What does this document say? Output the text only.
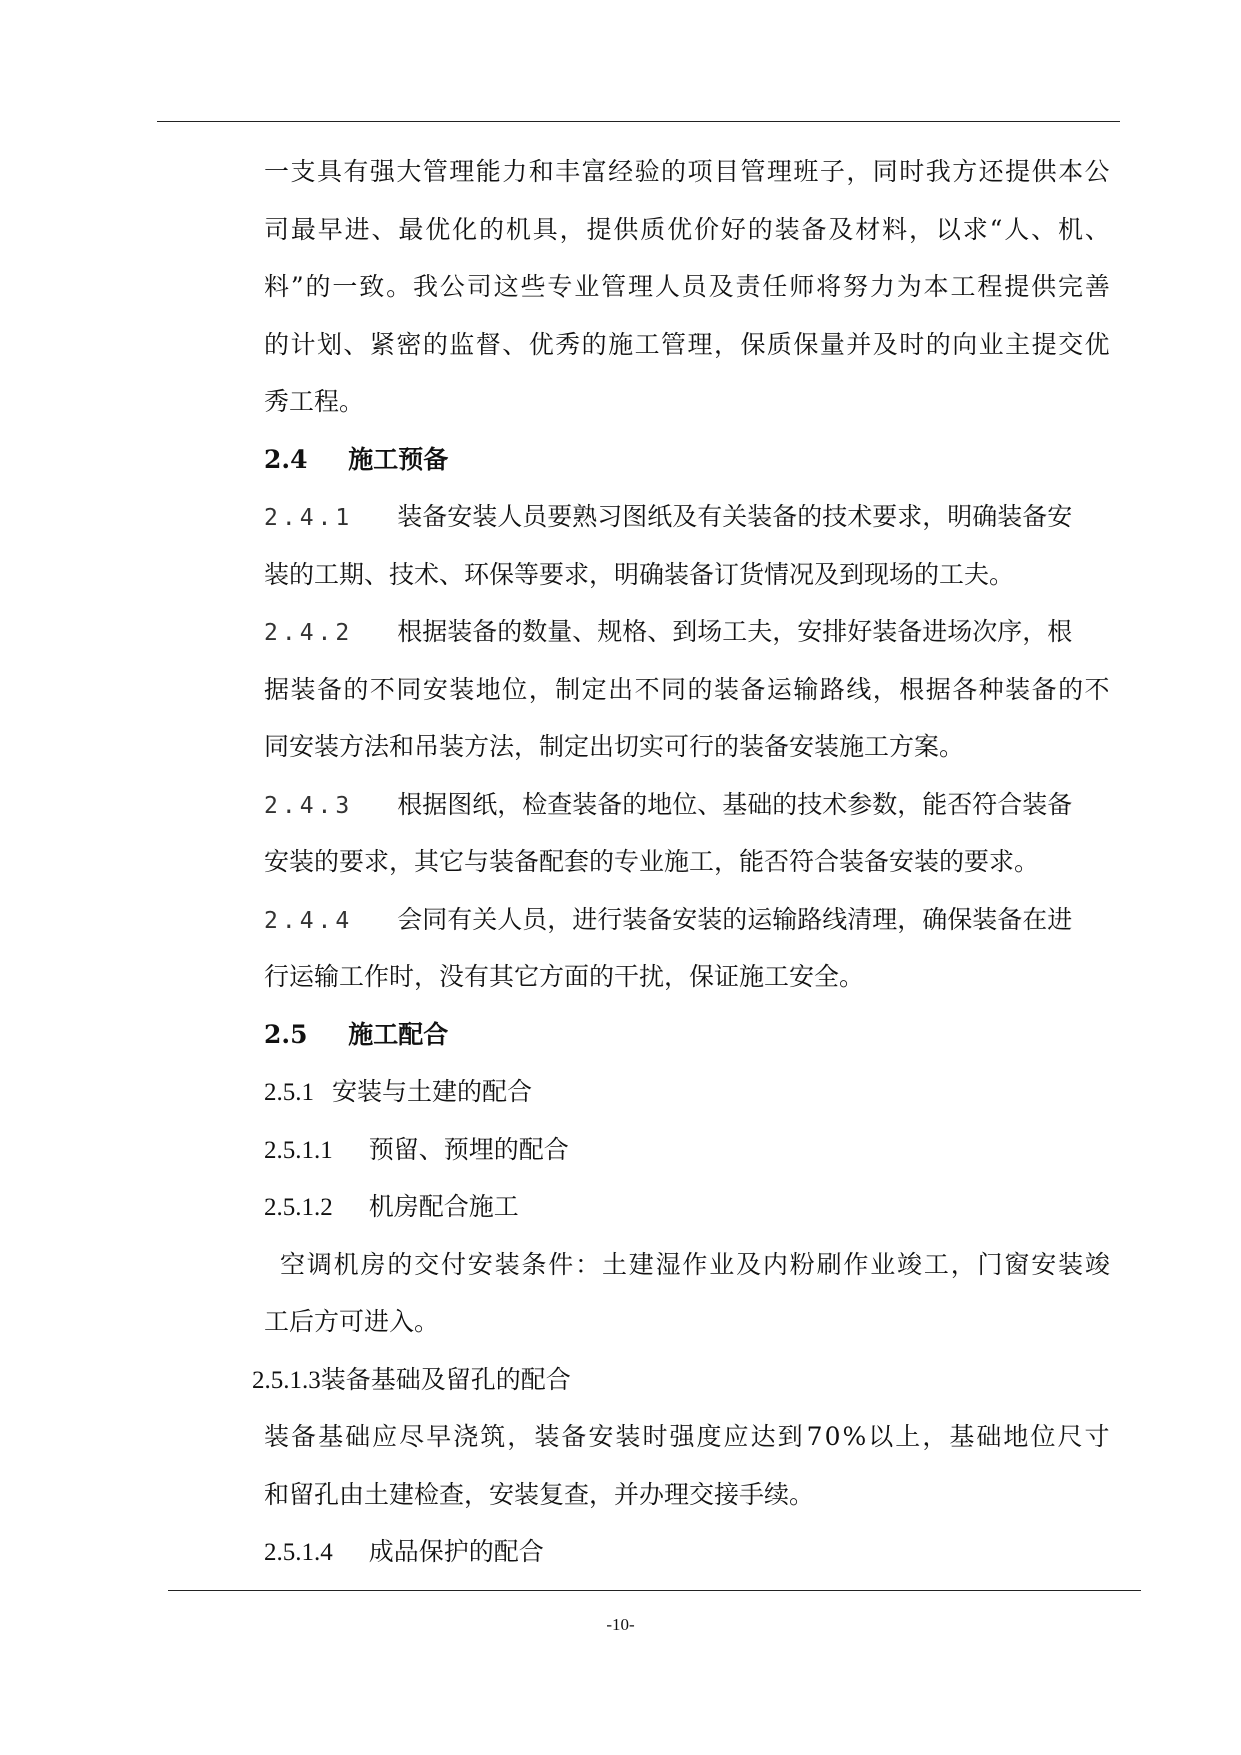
一 支 具 有 强 大 管 理 能 力 和 丰 富 经 验 的 项 目 管 理 班 子 ， 同 时 我 方 还 提 供 本 公
司 最 早 进 、 最 优 化 的 机 具 ， 提 供 质 优 价 好 的 装 备 及 材 料 ， 以 求 “ 人 、 机 、
料 ” 的 一 致 。 我 公 司 这 些 专 业 管 理 人 员 及 责 任 师 将 努 力 为 本 工 程 提 供 完 善
的 计 划 、 紧 密 的 监 督 、 优 秀 的 施 工 管 理 ， 保 质 保 量 并 及 时 的 向 业 主 提 交 优
秀工程。
2.4 施工预备
2.4.1 装备安装人员要熟习图纸及有关装备的技术要求，明确装备安
装的工期、技术、环保等要求，明确装备订货情况及到现场的工夫。
2.4.2 根据装备的数量、规格、到场工夫，安排好装备进场次序，根
据 装 备 的 不 同 安 装 地 位 ， 制 定 出 不 同 的 装 备 运 输 路 线 ， 根 据 各 种 装 备 的 不
同安装方法和吊装方法，制定出切实可行的装备安装施工方案。
2.4.3 根据图纸，检查装备的地位、基础的技术参数，能否符合装备
安装的要求，其它与装备配套的专业施工，能否符合装备安装的要求。
2.4.4 会同有关人员，进行装备安装的运输路线清理，确保装备在进
行运输工作时，没有其它方面的干扰，保证施工安全。
2.5 施工配合
2.5.1 安装与土建的配合
2.5.1.1 预留、预埋的配合
2.5.1.2 机房配合施工
空 调 机 房 的 交 付 安 装 条 件 ： 土 建 湿 作 业 及 内 粉 刷 作 业 竣 工 ， 门 窗 安 装 竣
工后方可进入。
2.5.1.3装备基础及留孔的配合
装 备 基 础 应 尽 早 浇 筑 ， 装 备 安 装 时 强 度 应 达 到 7 0 % 以 上 ， 基 础 地 位 尺 寸
和留孔由土建检查，安装复查，并办理交接手续。
2.5.1.4 成品保护的配合
-10-
